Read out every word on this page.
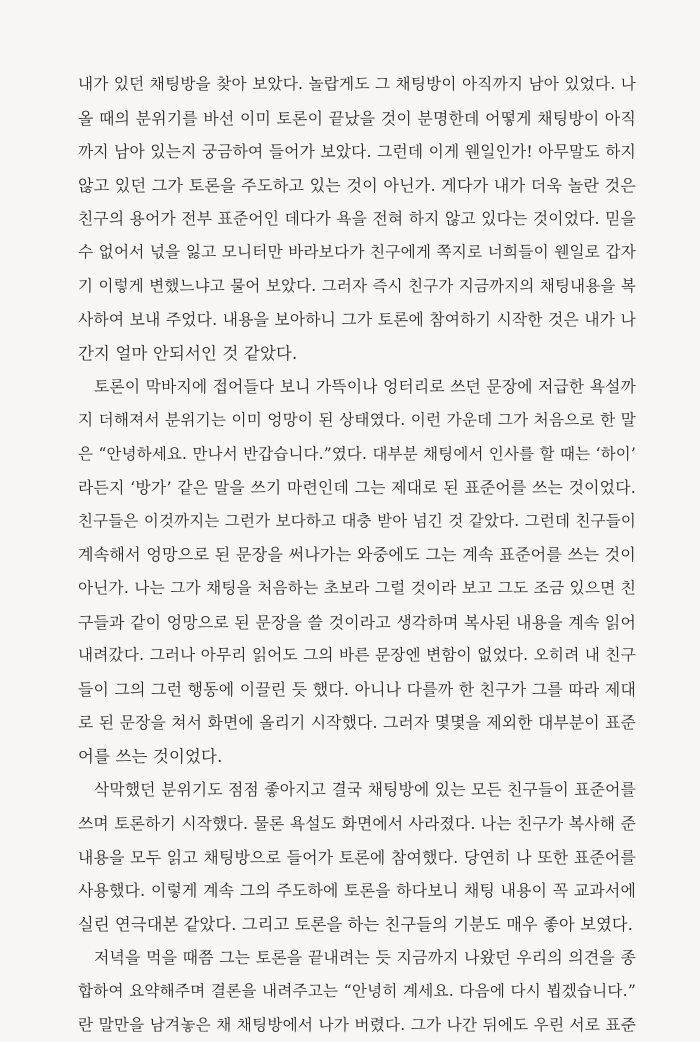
내가 있던 채팅방을 찾아 보았다. 놀랍게도 그 채팅방이 아직까지 남아 있었다. 나
올 때의 분위기를 바선 이미 토론이 끝났을 것이 분명한데 어떻게 채팅방이 아직
까지 남아 있는지 궁금하여 들어가 보았다. 그런데 이게 웬일인가! 아무말도 하지
않고 있던 그가 토론을 주도하고 있는 것이 아닌가. 게다가 내가 더욱 놀란 것은
친구의 용어가 전부 표준어인 데다가 욕을 전혀 하지 않고 있다는 것이었다. 믿을
수 없어서 넋을 잃고 모니터만 바라보다가 친구에게 쪽지로 너희들이 웬일로 갑자
기 이렇게 변했느냐고 물어 보았다. 그러자 즉시 친구가 지금까지의 채팅내용을 복
사하여 보내 주었다. 내용을 보아하니 그가 토론에 참여하기 시작한 것은 내가 나
간지 얼마 안되서인 것 같았다.
토론이 막바지에 접어들다 보니 가뜩이나 엉터리로 쓰던 문장에 저급한 욕설까
지 더해져서 분위기는 이미 엉망이 된 상태였다. 이런 가운데 그가 처음으로 한 말
은 “안녕하세요. 만나서 반갑습니다.”였다. 대부분 채팅에서 인사를 할 때는 ‘하이’
라든지 ‘방가’ 같은 말을 쓰기 마련인데 그는 제대로 된 표준어를 쓰는 것이었다.
친구들은 이것까지는 그런가 보다하고 대충 받아 넘긴 것 같았다. 그런데 친구들이
계속해서 엉망으로 된 문장을 써나가는 와중에도 그는 계속 표준어를 쓰는 것이
아닌가. 나는 그가 채팅을 처음하는 초보라 그럴 것이라 보고 그도 조금 있으면 친
구들과 같이 엉망으로 된 문장을 쓸 것이라고 생각하며 복사된 내용을 계속 읽어
내려갔다. 그러나 아무리 읽어도 그의 바른 문장엔 변함이 없었다. 오히려 내 친구
들이 그의 그런 행동에 이끌린 듯 했다. 아니나 다를까 한 친구가 그를 따라 제대
로 된 문장을 쳐서 화면에 올리기 시작했다. 그러자 몇몇을 제외한 대부분이 표준
어를 쓰는 것이었다.
삭막했던 분위기도 점점 좋아지고 결국 채팅방에 있는 모든 친구들이 표준어를
쓰며 토론하기 시작했다. 물론 욕설도 화면에서 사라졌다. 나는 친구가 복사해 준
내용을 모두 읽고 채팅방으로 들어가 토론에 참여했다. 당연히 나 또한 표준어를
사용했다. 이렇게 계속 그의 주도하에 토론을 하다보니 채팅 내용이 꼭 교과서에
실린 연극대본 같았다. 그리고 토론을 하는 친구들의 기분도 매우 좋아 보였다.
저녁을 먹을 때쯤 그는 토론을 끝내려는 듯 지금까지 나왔던 우리의 의견을 종
합하여 요약해주며 결론을 내려주고는 “안녕히 계세요. 다음에 다시 뵙겠습니다.”
란 말만을 남겨놓은 채 채팅방에서 나가 버렸다. 그가 나간 뒤에도 우린 서로 표준
